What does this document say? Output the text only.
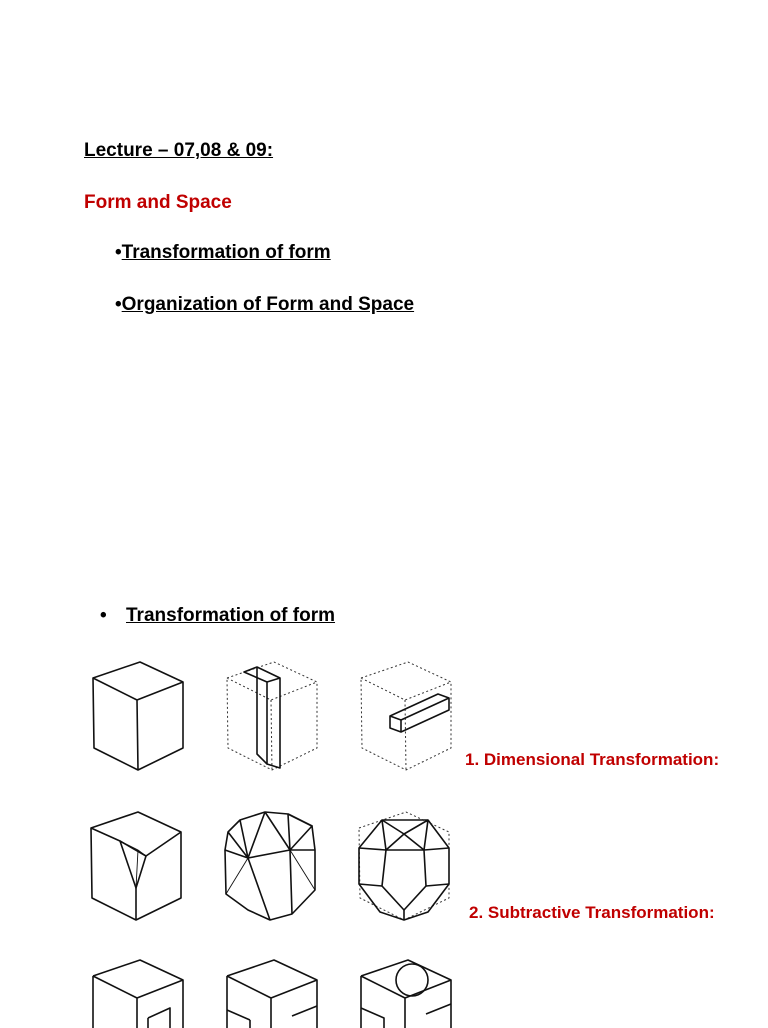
Lecture – 07,08 & 09:
Form and Space
•Transformation of form
•Organization of Form and Space
• Transformation of form
1. Dimensional Transformation:
2. Subtractive Transformation:
